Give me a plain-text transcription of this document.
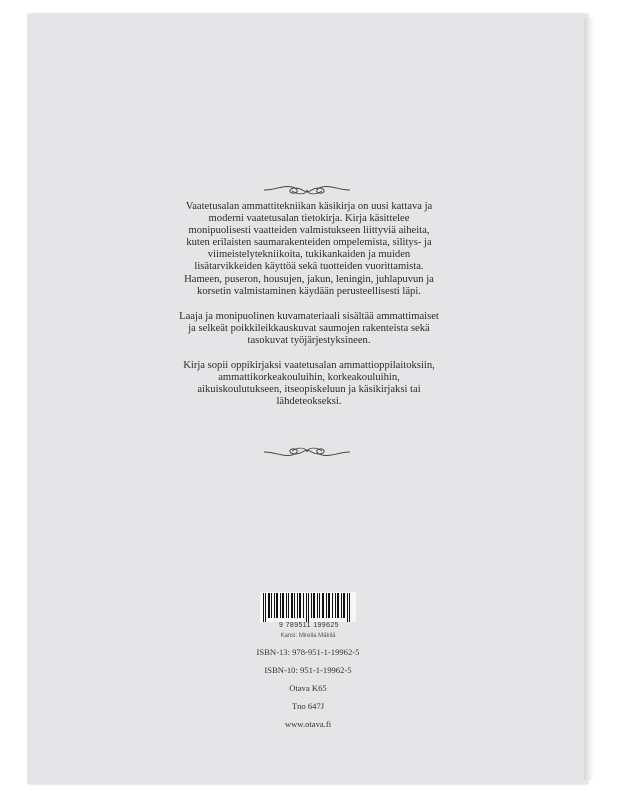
Vaatetusalan ammattitekniikan käsikirja on uusi kattava ja moderni vaatetusalan tietokirja. Kirja käsittelee monipuolisesti vaatteiden valmistukseen liittyviä aiheita, kuten erilaisten saumarakenteiden ompelemista, silitys- ja viimeistelytekniikoita, tukikankaiden ja muiden lisätarvikkeiden käyttöä sekä tuotteiden vuorittamista. Hameen, puseron, housujen, jakun, leningin, juhlapuvun ja korsetin valmistaminen käydään perusteellisesti läpi.

Laaja ja monipuolinen kuvamateriaali sisältää ammattimaiset ja selkeät poikkileikkauskuvat saumojen rakenteista sekä tasokuvat työjärjestyksineen.

Kirja sopii oppikirjaksi vaatetusalan ammattioppilaitoksiin, ammattikorkeakouluihin, korkeakouluihin, aikuiskoulutukseen, itseopiskeluun ja käsikirjaksi tai lähdeteokseksi.

9 789511 199625
Kansi: Mirella Mäkilä
ISBN-13: 978-951-1-19962-5
ISBN-10: 951-1-19962-5
Otava K65
Tno 647J
www.otava.fi
